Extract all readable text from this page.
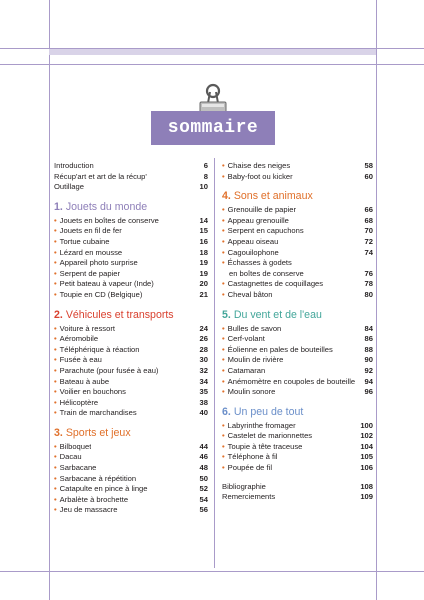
sommaire
Introduction	6
Récup'art et art de la récup'	8
Outillage	10
1. Jouets du monde
• Jouets en boîtes de conserve	14
• Jouets en fil de fer	15
• Tortue cubaine	16
• Lézard en mousse	18
• Appareil photo surprise	19
• Serpent de papier	19
• Petit bateau à vapeur (Inde)	20
• Toupie en CD (Belgique)	21
2. Véhicules et transports
• Voiture à ressort	24
• Aéromobile	26
• Téléphérique à réaction	28
• Fusée à eau	30
• Parachute (pour fusée à eau)	32
• Bateau à aube	34
• Voilier en bouchons	35
• Hélicoptère	38
• Train de marchandises	40
3. Sports et jeux
• Bilboquet	44
• Dacau	46
• Sarbacane	48
• Sarbacane à répétition	50
• Catapulte en pince à linge	52
• Arbalète à brochette	54
• Jeu de massacre	56
• Chaise des neiges	58
• Baby-foot ou kicker	60
4. Sons et animaux
• Grenouille de papier	66
• Appeau grenouille	68
• Serpent en capuchons	70
• Appeau oiseau	72
• Cagouilophone	74
• Échasses à godets
en boîtes de conserve	76
• Castagnettes de coquillages	78
• Cheval bâton	80
5. Du vent et de l'eau
• Bulles de savon	84
• Cerf-volant	86
• Éolienne en pales de bouteilles	88
• Moulin de rivière	90
• Catamaran	92
• Anémomètre en coupoles de bouteille	94
• Moulin sonore	96
6. Un peu de tout
• Labyrinthe fromager	100
• Castelet de marionnettes	102
• Toupie à tête traceuse	104
• Téléphone à fil	105
• Poupée de fil	106
Bibliographie	108
Remerciements	109
